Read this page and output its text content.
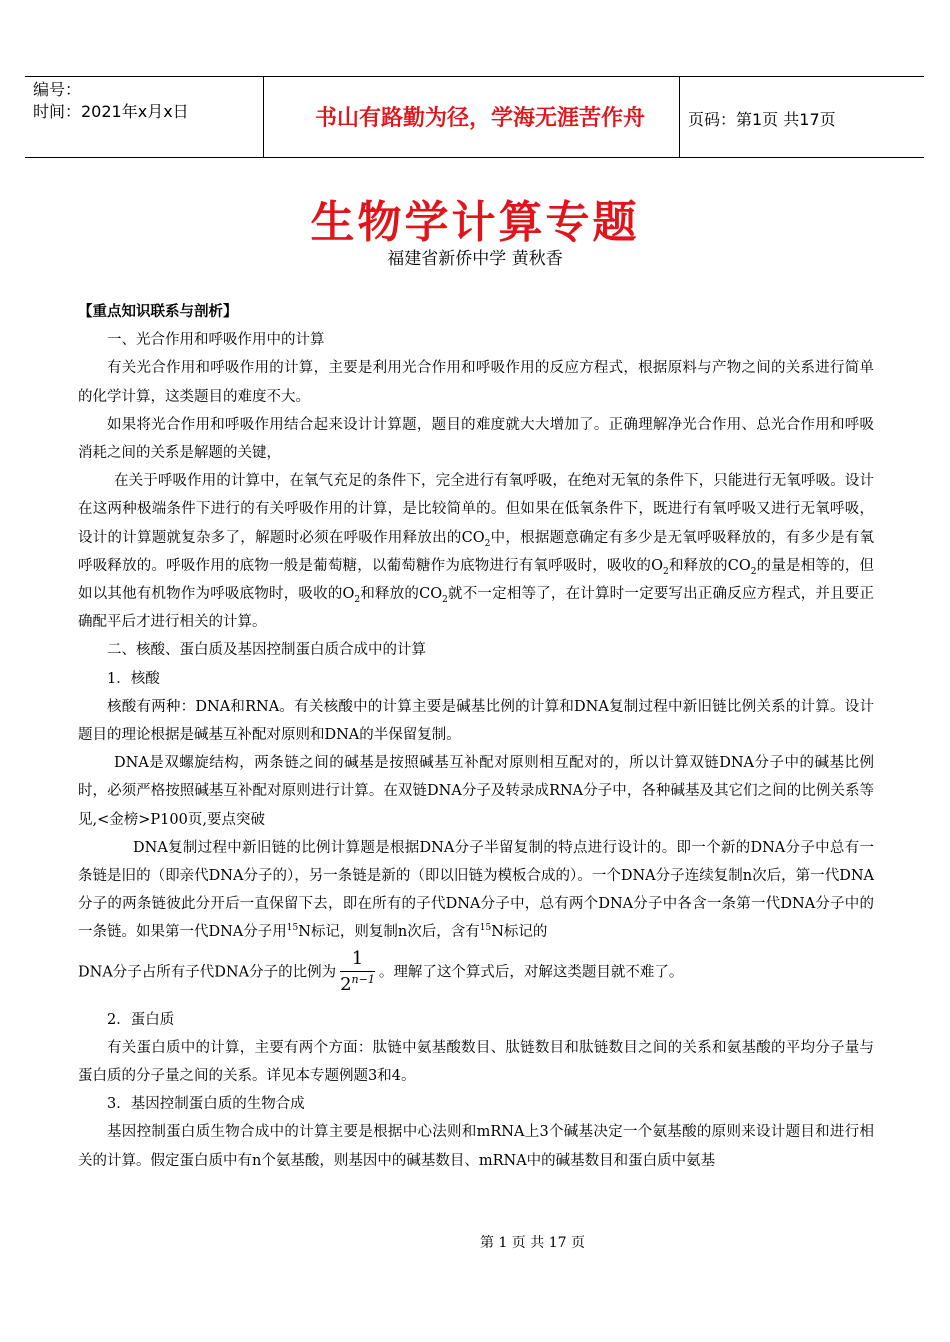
编号：
时间：2021年x月x日	书山有路勤为径，学海无涯苦作舟	页码：第1页 共17页
生物学计算专题
福建省新侨中学 黄秋香

【重点知识联系与剖析】

一、光合作用和呼吸作用中的计算

有关光合作用和呼吸作用的计算，主要是利用光合作用和呼吸作用的反应方程式，根据原料与产物之间的关系进行简单的化学计算，这类题目的难度不大。

如果将光合作用和呼吸作用结合起来设计计算题，题目的难度就大大增加了。正确理解净光合作用、总光合作用和呼吸消耗之间的关系是解题的关键，

在关于呼吸作用的计算中，在氧气充足的条件下，完全进行有氧呼吸，在绝对无氧的条件下，只能进行无氧呼吸。设计在这两种极端条件下进行的有关呼吸作用的计算，是比较简单的。但如果在低氧条件下，既进行有氧呼吸又进行无氧呼吸，设计的计算题就复杂多了，解题时必须在呼吸作用释放出的$CO_2$中，根据题意确定有多少是无氧呼吸释放的，有多少是有氧呼吸释放的。呼吸作用的底物一般是葡萄糖，以葡萄糖作为底物进行有氧呼吸时，吸收的$O_2$和释放的$CO_2$的量是相等的，但如以其他有机物作为呼吸底物时，吸收的$O_2$和释放的$CO_2$就不一定相等了，在计算时一定要写出正确反应方程式，并且要正确配平后才进行相关的计算。

二、核酸、蛋白质及基因控制蛋白质合成中的计算

1．核酸

核酸有两种：DNA和RNA。有关核酸中的计算主要是碱基比例的计算和DNA复制过程中新旧链比例关系的计算。设计题目的理论根据是碱基互补配对原则和DNA的半保留复制。

DNA是双螺旋结构，两条链之间的碱基是按照碱基互补配对原则相互配对的，所以计算双链DNA分子中的碱基比例时，必须严格按照碱基互补配对原则进行计算。在双链DNA分子及转录成RNA分子中，各种碱基及其它们之间的比例关系等见,<金榜>P100页,要点突破

DNA复制过程中新旧链的比例计算题是根据DNA分子半留复制的特点进行设计的。即一个新的DNA分子中总有一条链是旧的（即亲代DNA分子的），另一条链是新的（即以旧链为模板合成的）。一个DNA分子连续复制n次后，第一代DNA分子的两条链彼此分开后一直保留下去，即在所有的子代DNA分子中，总有两个DNA分子中各含一条第一代DNA分子中的一条链。如果第一代DNA分子用$^{15}$N标记，则复制n次后，含有$^{15}$N标记的

DNA分子占所有子代DNA分子的比例为 $\frac{1}{2^{n-1}}$ 。理解了这个算式后，对解这类题目就不难了。

2．蛋白质

有关蛋白质中的计算，主要有两个方面：肽链中氨基酸数目、肽链数目和肽链数目之间的关系和氨基酸的平均分子量与蛋白质的分子量之间的关系。详见本专题例题3和4。

3．基因控制蛋白质的生物合成

基因控制蛋白质生物合成中的计算主要是根据中心法则和mRNA上3个碱基决定一个氨基酸的原则来设计题目和进行相关的计算。假定蛋白质中有n个氨基酸，则基因中的碱基数目、mRNA中的碱基数目和蛋白质中氨基

第 1 页 共 17 页
